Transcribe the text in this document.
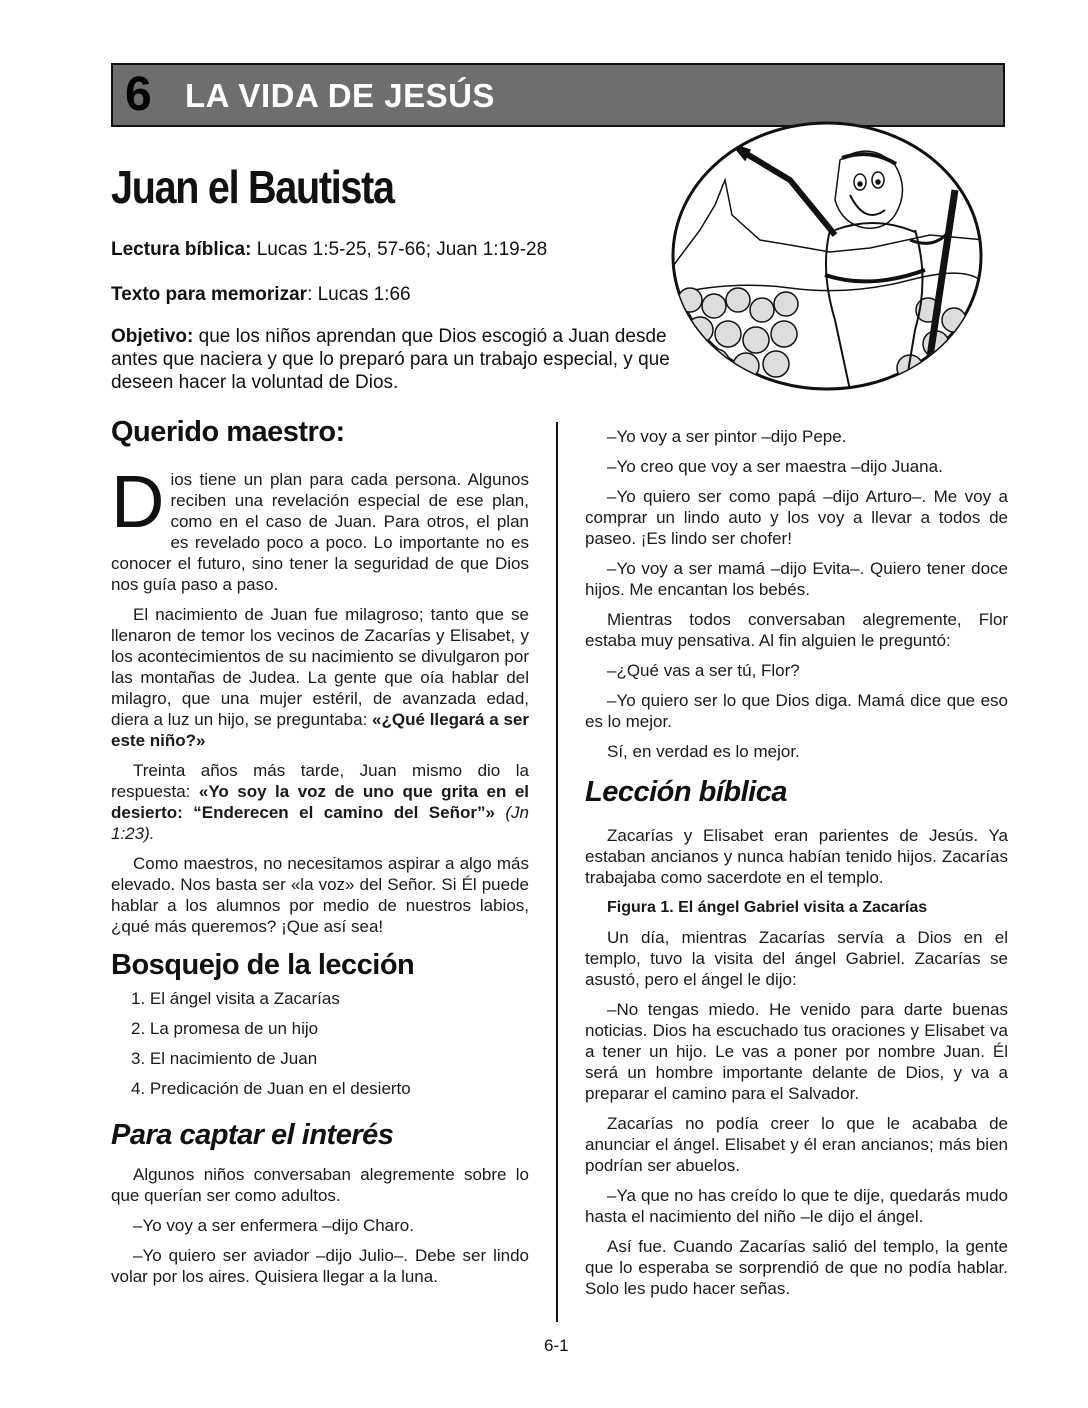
6 LA VIDA DE JESÚS
Juan el Bautista
Lectura bíblica: Lucas 1:5-25, 57-66; Juan 1:19-28
Texto para memorizar: Lucas 1:66
Objetivo: que los niños aprendan que Dios escogió a Juan desde antes que naciera y que lo preparó para un trabajo especial, y que deseen hacer la voluntad de Dios.
Querido maestro:

Dios tiene un plan para cada persona. Algunos reciben una revelación especial de ese plan, como en el caso de Juan. Para otros, el plan es revelado poco a poco. Lo importante no es conocer el futuro, sino tener la seguridad de que Dios nos guía paso a paso.

El nacimiento de Juan fue milagroso; tanto que se llenaron de temor los vecinos de Zacarías y Elisabet, y los acontecimientos de su nacimiento se divulgaron por las montañas de Judea. La gente que oía hablar del milagro, que una mujer estéril, de avanzada edad, diera a luz un hijo, se preguntaba: «¿Qué llegará a ser este niño?»

Treinta años más tarde, Juan mismo dio la respuesta: «Yo soy la voz de uno que grita en el desierto: “Enderecen el camino del Señor”» (Jn 1:23).

Como maestros, no necesitamos aspirar a algo más elevado. Nos basta ser «la voz» del Señor. Si Él puede hablar a los alumnos por medio de nuestros labios, ¿qué más queremos? ¡Que así sea!

Bosquejo de la lección
1. El ángel visita a Zacarías
2. La promesa de un hijo
3. El nacimiento de Juan
4. Predicación de Juan en el desierto
Para captar el interés

Algunos niños conversaban alegremente sobre lo que querían ser como adultos.

–Yo voy a ser enfermera –dijo Charo.

–Yo quiero ser aviador –dijo Julio–. Debe ser lindo volar por los aires. Quisiera llegar a la luna.

–Yo voy a ser pintor –dijo Pepe.

–Yo creo que voy a ser maestra –dijo Juana.

–Yo quiero ser como papá –dijo Arturo–. Me voy a comprar un lindo auto y los voy a llevar a todos de paseo. ¡Es lindo ser chofer!

–Yo voy a ser mamá –dijo Evita–. Quiero tener doce hijos. Me encantan los bebés.

Mientras todos conversaban alegremente, Flor estaba muy pensativa. Al fin alguien le preguntó:

–¿Qué vas a ser tú, Flor?

–Yo quiero ser lo que Dios diga. Mamá dice que eso es lo mejor.

Sí, en verdad es lo mejor.

Lección bíblica

Zacarías y Elisabet eran parientes de Jesús. Ya estaban ancianos y nunca habían tenido hijos. Zacarías trabajaba como sacerdote en el templo.

Figura 1. El ángel Gabriel visita a Zacarías

Un día, mientras Zacarías servía a Dios en el templo, tuvo la visita del ángel Gabriel. Zacarías se asustó, pero el ángel le dijo:

–No tengas miedo. He venido para darte buenas noticias. Dios ha escuchado tus oraciones y Elisabet va a tener un hijo. Le vas a poner por nombre Juan. Él será un hombre importante delante de Dios, y va a preparar el camino para el Salvador.

Zacarías no podía creer lo que le acababa de anunciar el ángel. Elisabet y él eran ancianos; más bien podrían ser abuelos.

–Ya que no has creído lo que te dije, quedarás mudo hasta el nacimiento del niño –le dijo el ángel.

Así fue. Cuando Zacarías salió del templo, la gente que lo esperaba se sorprendió de que no podía hablar. Solo les pudo hacer señas.

6-1
